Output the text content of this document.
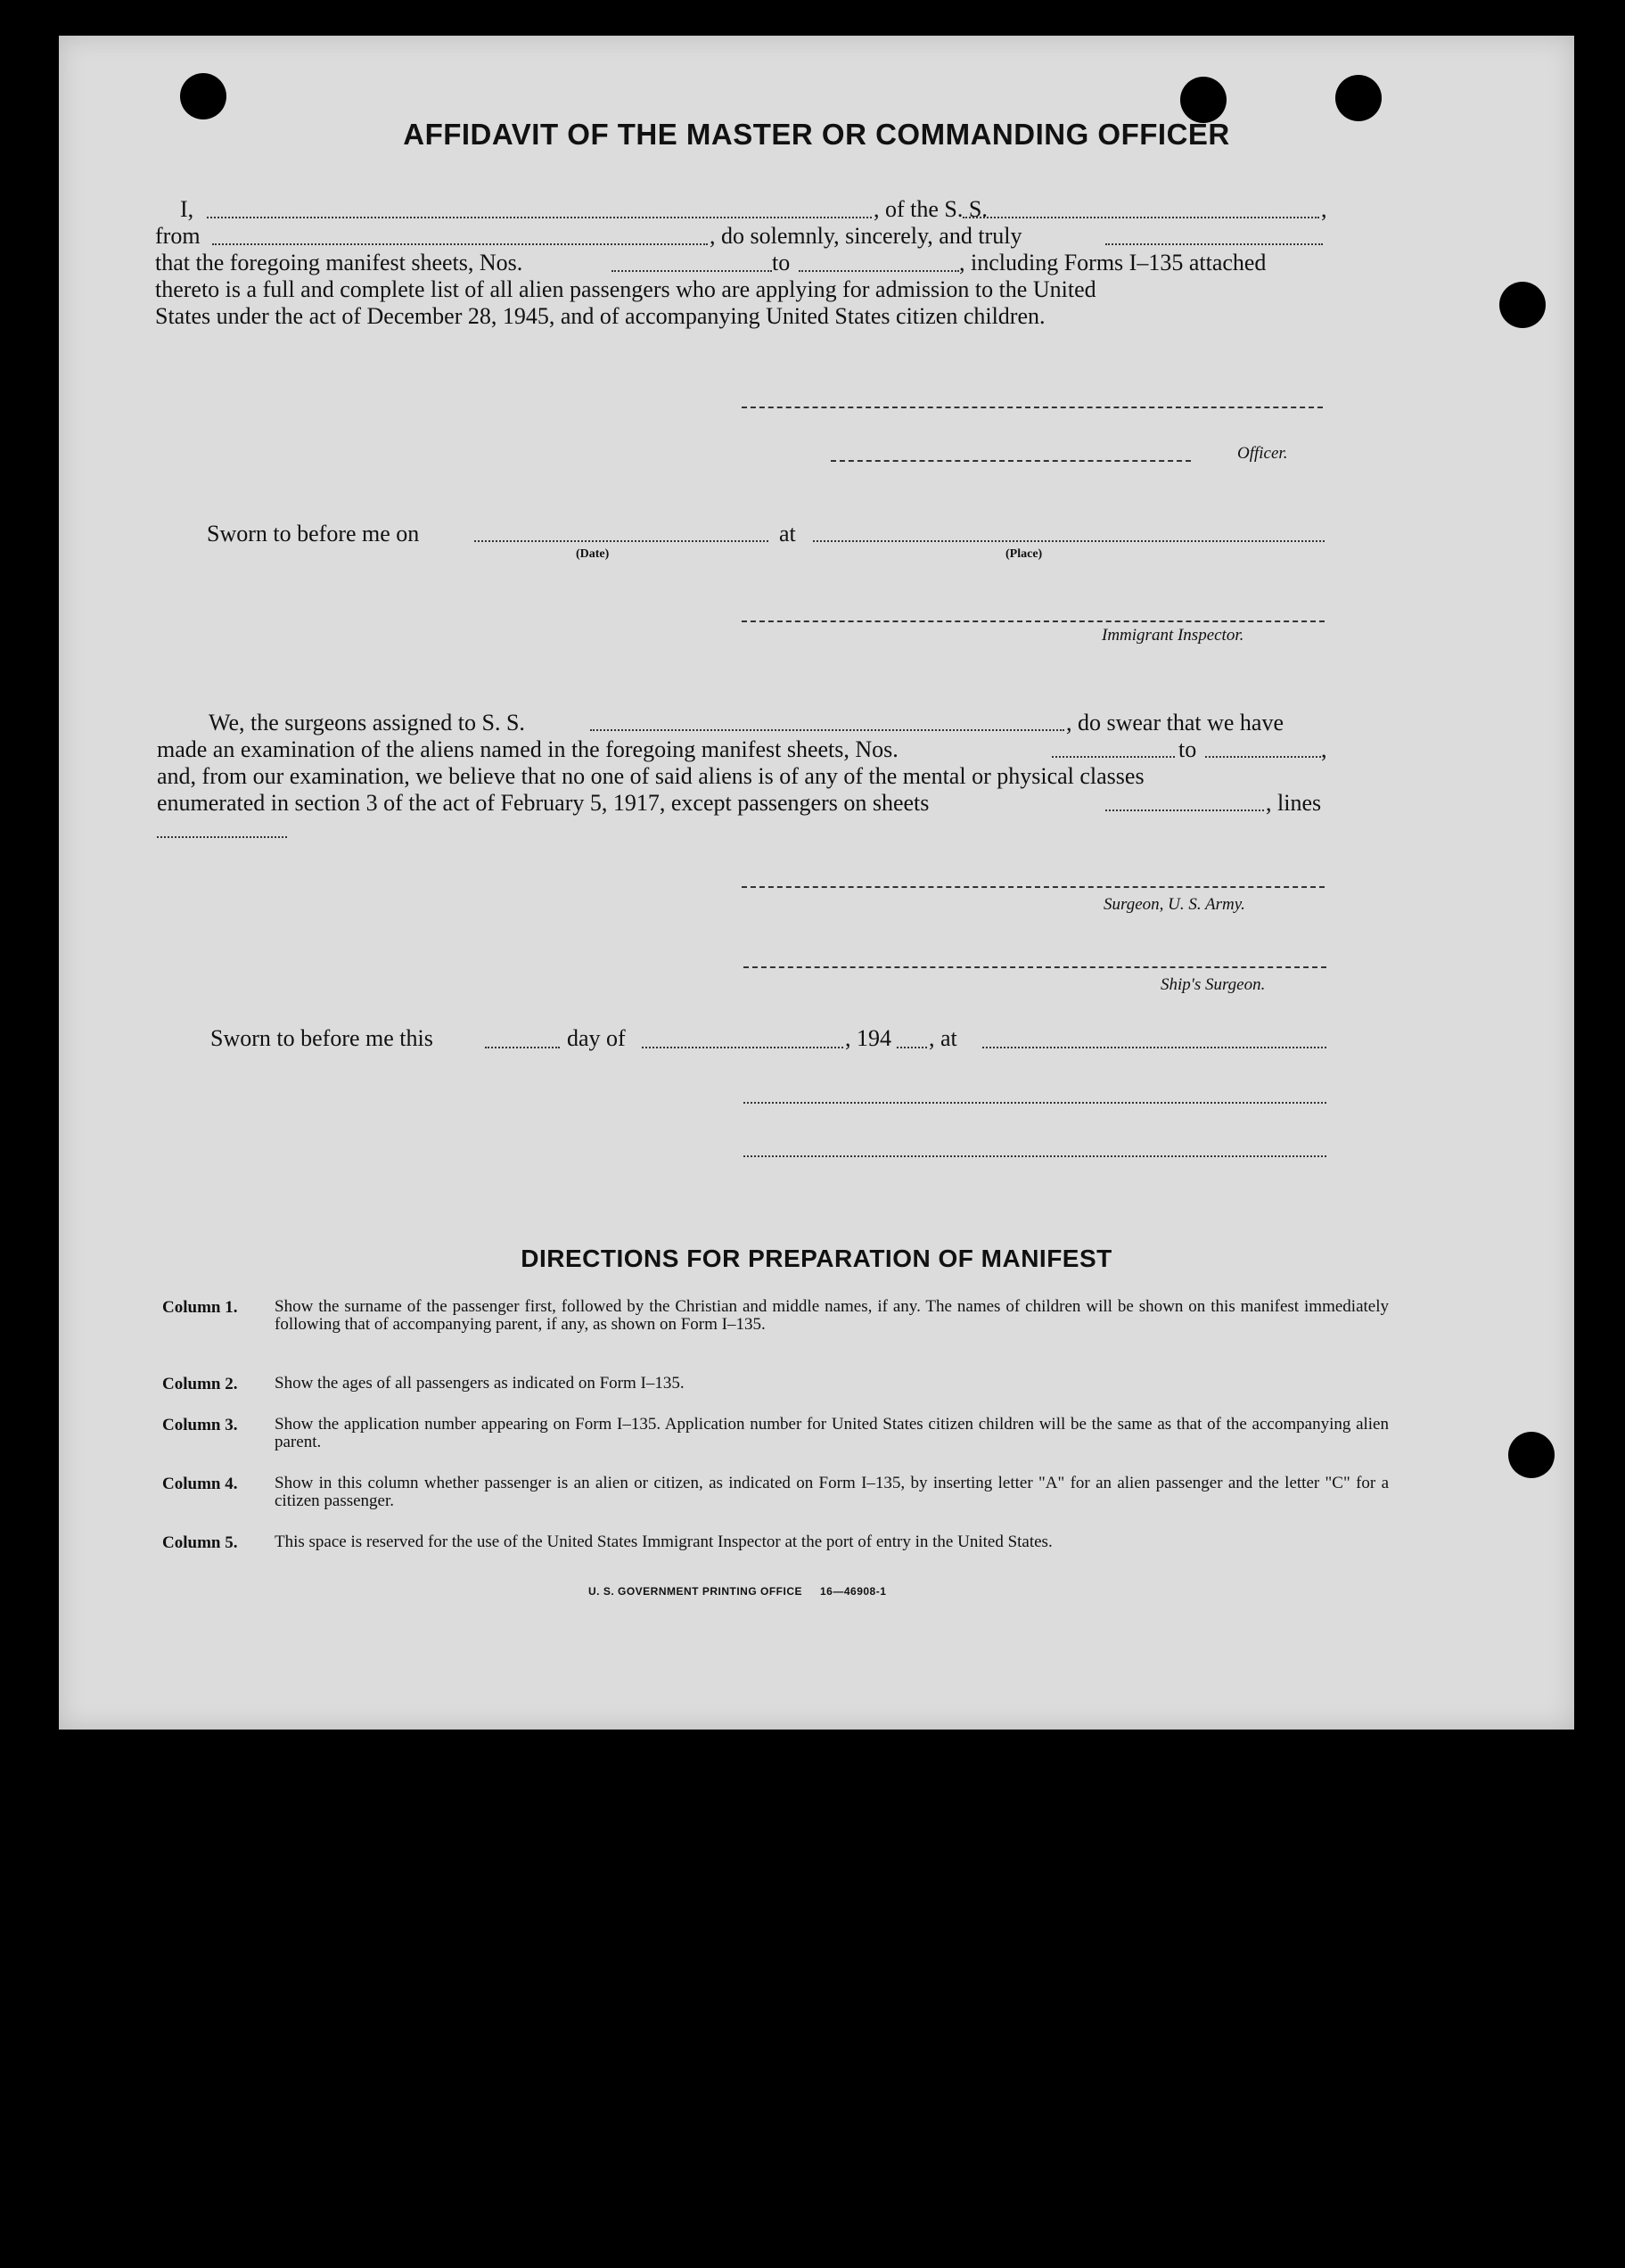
AFFIDAVIT OF THE MASTER OR COMMANDING OFFICER
I,	, of the S. S.	,
from	, do solemnly, sincerely, and truly
that the foregoing manifest sheets, Nos.	to	, including Forms I–135 attached
thereto is a full and complete list of all alien passengers who are applying for admission to the United
States under the act of December 28, 1945, and of accompanying United States citizen children.
Officer.
Sworn to before me on
(Date)
at
(Place)
Immigrant Inspector.
We, the surgeons assigned to S. S.	, do swear that we have
made an examination of the aliens named in the foregoing manifest sheets, Nos.	to	,
and, from our examination, we believe that no one of said aliens is of any of the mental or physical classes
enumerated in section 3 of the act of February 5, 1917, except passengers on sheets	, lines
Surgeon, U. S. Army.
Ship's Surgeon.
Sworn to before me this	day of	, 194 , at
DIRECTIONS FOR PREPARATION OF MANIFEST
Column 1. Show the surname of the passenger first, followed by the Christian and middle names, if any. The names of children will be shown on this manifest immediately following that of accompanying parent, if any, as shown on Form I–135.
Column 2. Show the ages of all passengers as indicated on Form I–135.
Column 3. Show the application number appearing on Form I–135. Application number for United States citizen children will be the same as that of the accompanying alien parent.
Column 4. Show in this column whether passenger is an alien or citizen, as indicated on Form I–135, by inserting letter "A" for an alien passenger and the letter "C" for a citizen passenger.
Column 5. This space is reserved for the use of the United States Immigrant Inspector at the port of entry in the United States.
U. S. GOVERNMENT PRINTING OFFICE 16—46908-1
